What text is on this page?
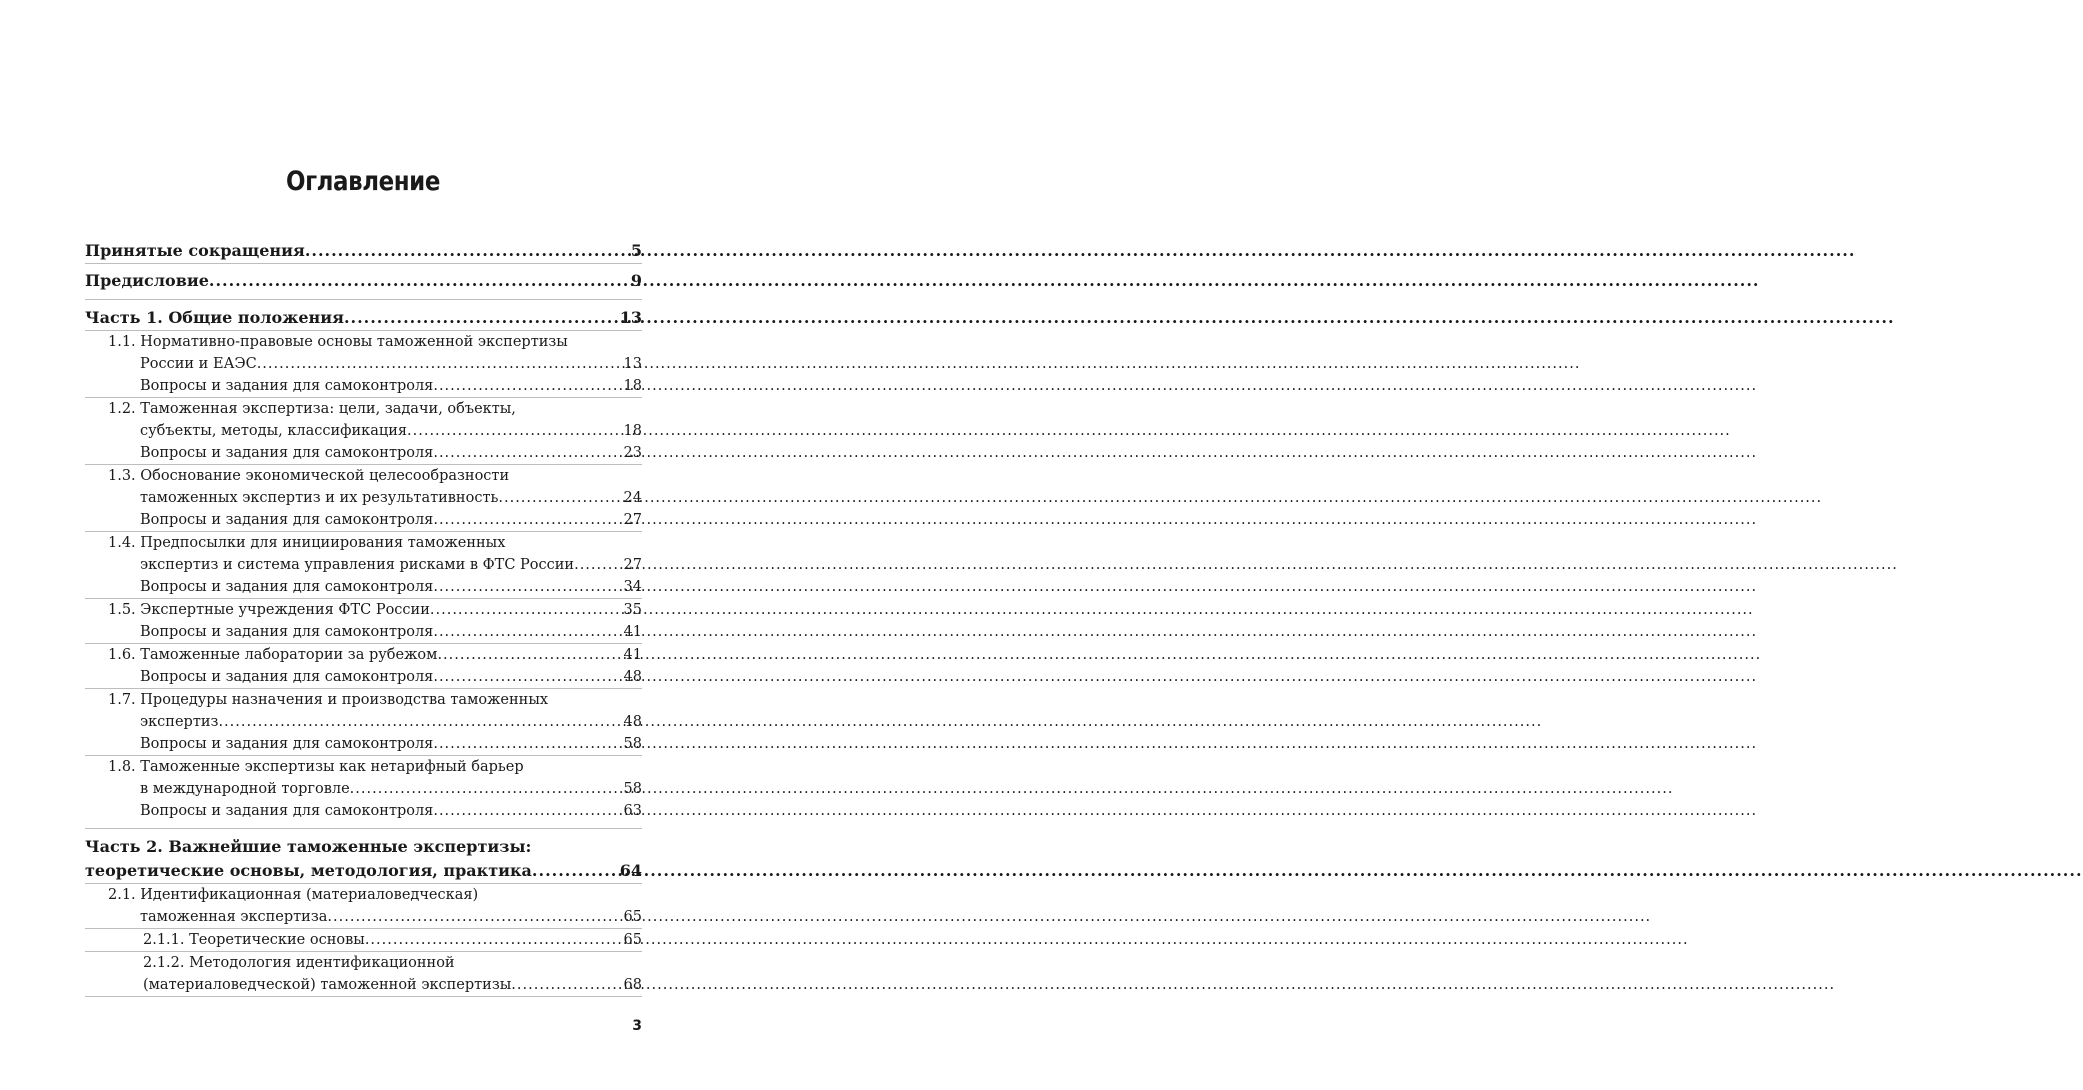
Оглавление
Принятые сокращения .....	5
Предисловие .....	9
Часть 1. Общие положения .....	13
1.1. Нормативно-правовые основы таможенной экспертизы
России и ЕАЭС .....	13
Вопросы и задания для самоконтроля .....	18
1.2. Таможенная экспертиза: цели, задачи, объекты,
субъекты, методы, классификация .....	18
Вопросы и задания для самоконтроля .....	23
1.3. Обоснование экономической целесообразности
таможенных экспертиз и их результативность .....	24
Вопросы и задания для самоконтроля .....	27
1.4. Предпосылки для инициирования таможенных
экспертиз и система управления рисками в ФТС России .....	27
Вопросы и задания для самоконтроля .....	34
1.5. Экспертные учреждения ФТС России .....	35
Вопросы и задания для самоконтроля .....	41
1.6. Таможенные лаборатории за рубежом .....	41
Вопросы и задания для самоконтроля .....	48
1.7. Процедуры назначения и производства таможенных
экспертиз .....	48
Вопросы и задания для самоконтроля .....	58
1.8. Таможенные экспертизы как нетарифный барьер
в международной торговле .....	58
Вопросы и задания для самоконтроля .....	63
Часть 2. Важнейшие таможенные экспертизы:
теоретические основы, методология, практика .....	64
2.1. Идентификационная (материаловедческая)
таможенная экспертиза .....	65
2.1.1. Теоретические основы .....	65
2.1.2. Методология идентификационной
(материаловедческой) таможенной экспертизы .....	68
3
